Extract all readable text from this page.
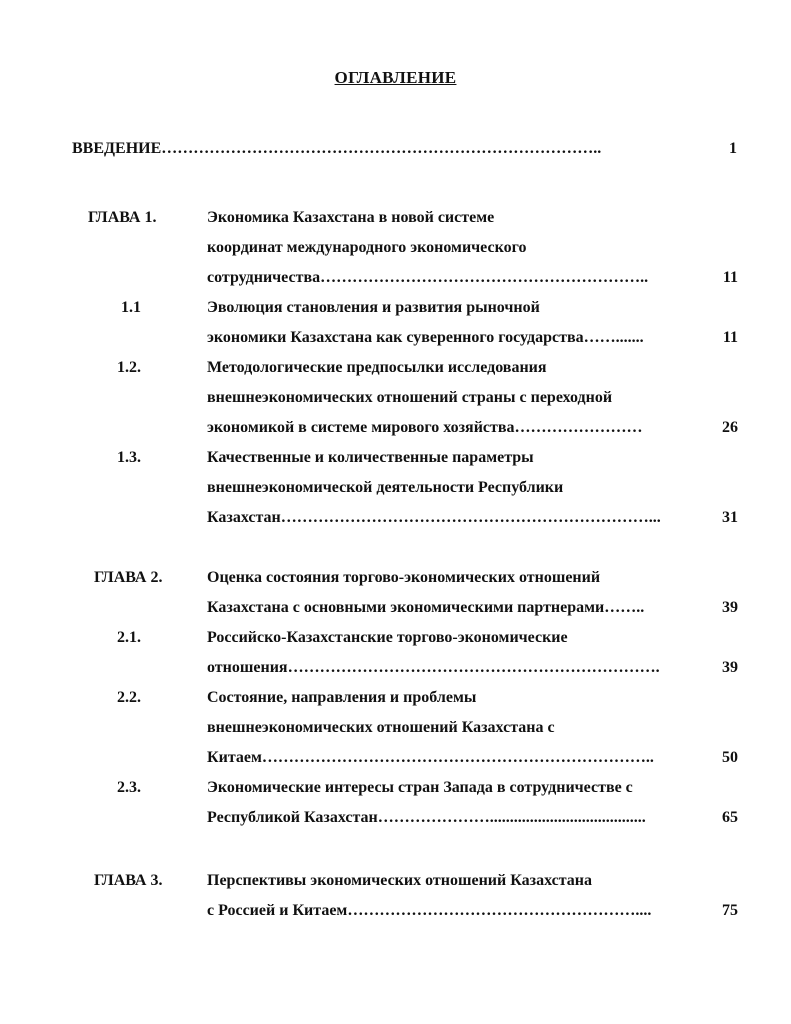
ОГЛАВЛЕНИЕ
ВВЕДЕНИЕ………………………………………………………………………..	1
ГЛАВА 1.	Экономика Казахстана в новой системе
координат международного экономического
сотрудничества……………………………………………………..	11
1.1	Эволюция становления и развития рыночной
экономики Казахстана как суверенного государства…….......	11
1.2.	Методологические предпосылки исследования
внешнеэкономических отношений страны с переходной
экономикой в системе мирового хозяйства……………………	26
1.3.	Качественные и количественные параметры
внешнеэкономической деятельности Республики
Казахстан……………………………………………………………...	31
ГЛАВА 2.	Оценка состояния торгово-экономических отношений
Казахстана с основными экономическими партнерами……..	39
2.1.	Российско-Казахстанские торгово-экономические
отношения…………………………………………………………….	39
2.2.	Состояние, направления и проблемы
внешнеэкономических отношений Казахстана с
Китаем………………………………………………………………..	50
2.3.	Экономические интересы стран Запада в сотрудничестве с
Республикой Казахстан………………….......................................	65
ГЛАВА 3.	Перспективы экономических отношений Казахстана
с Россией и Китаем………………………………………………....	75
